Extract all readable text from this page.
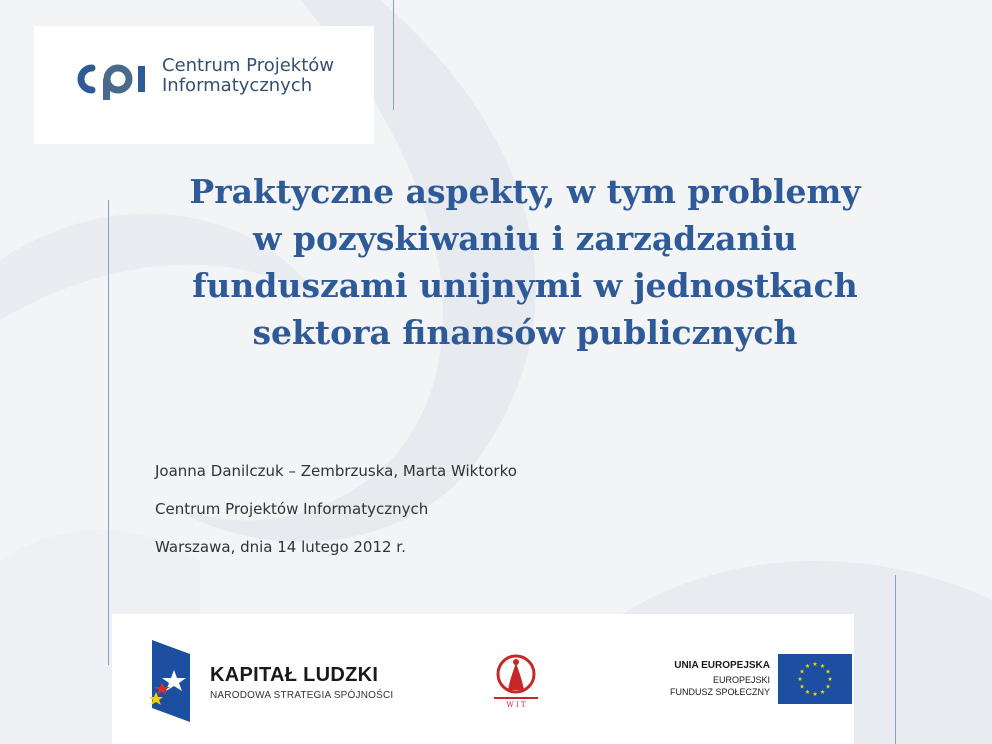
Centrum Projektów
Informatycznych
Praktyczne aspekty, w tym problemy
w pozyskiwaniu i zarządzaniu
funduszami unijnymi w jednostkach
sektora finansów publicznych
Joanna Danilczuk – Zembrzuska, Marta Wiktorko
Centrum Projektów Informatycznych
Warszawa, dnia 14 lutego 2012 r.
KAPITAŁ LUDZKI
NARODOWA STRATEGIA SPÓJNOŚCI
W I T
UNIA EUROPEJSKA
EUROPEJSKI
FUNDUSZ SPOŁECZNY
